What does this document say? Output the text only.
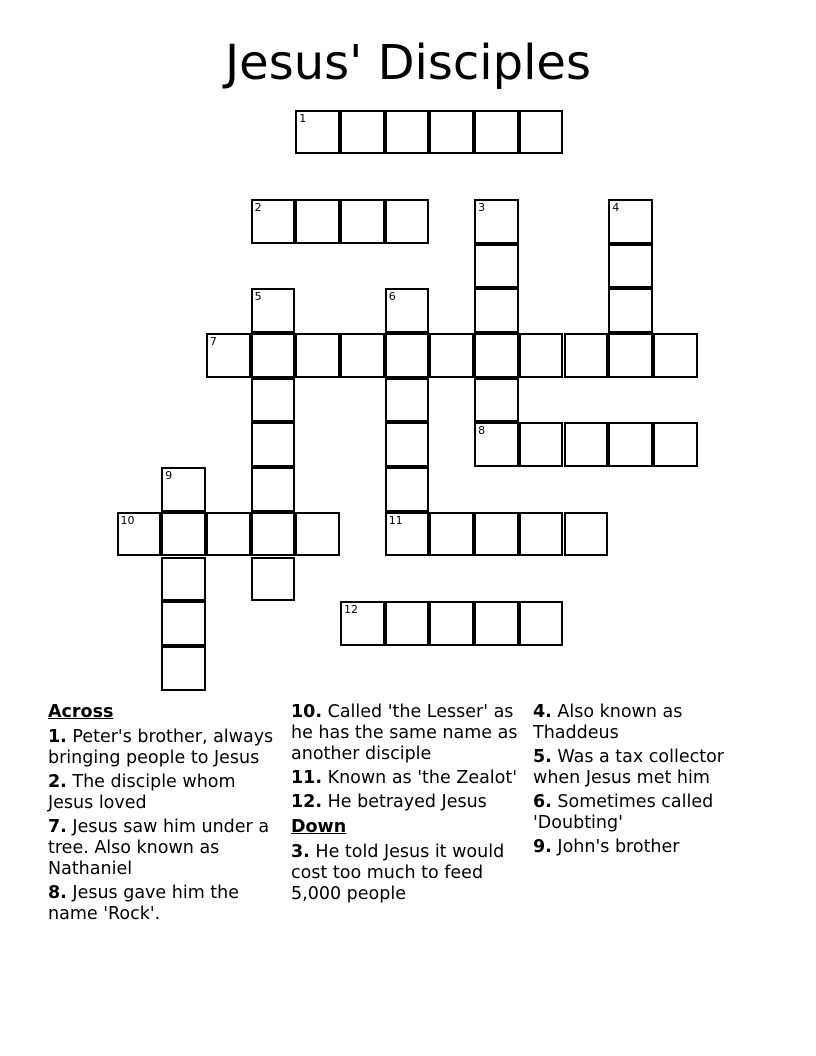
Jesus' Disciples
1
2	3	4
5	6
7
8
9
10	11
12
Across
1. Peter's brother, always bringing people to Jesus
2. The disciple whom Jesus loved
7. Jesus saw him under a tree. Also known as Nathaniel
8. Jesus gave him the name 'Rock'.
10. Called 'the Lesser' as he has the same name as another disciple
11. Known as 'the Zealot'
12. He betrayed Jesus
Down
3. He told Jesus it would cost too much to feed 5,000 people
4. Also known as Thaddeus
5. Was a tax collector when Jesus met him
6. Sometimes called 'Doubting'
9. John's brother
